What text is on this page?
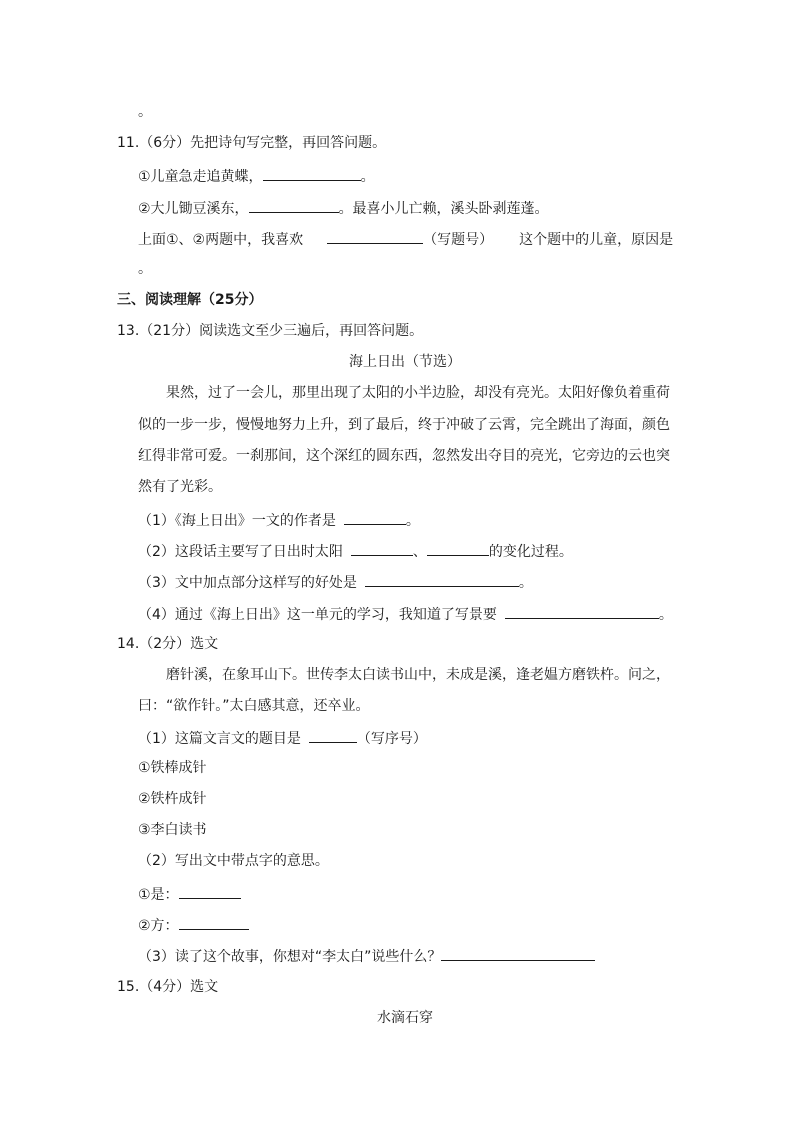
。
11.（6分）先把诗句写完整，再回答问题。
①儿童急走追黄蝶，	。
②大儿锄豆溪东，	。最喜小儿亡赖，溪头卧剥莲蓬。
上面①、②两题中，我喜欢	（写题号） 这个题中的儿童，原因是
。
三、阅读理解（25分）
13.（21分）阅读选文至少三遍后，再回答问题。
海上日出（节选）
果然，过了一会儿，那里出现了太阳的小半边脸，却没有亮光。太阳好像负着重荷
似的一步一步，慢慢地努力上升，到了最后，终于冲破了云霄，完全跳出了海面，颜色
红得非常可爱。一刹那间，这个深红的圆东西，忽然发出夺目的亮光，它旁边的云也突
然有了光彩。
（1）《海上日出》一文的作者是	。
（2）这段话主要写了日出时太阳	、	的变化过程。
（3）文中加点部分这样写的好处是	。
（4）通过《海上日出》这一单元的学习，我知道了写景要	。
14.（2分）选文
磨针溪，在象耳山下。世传李太白读书山中，未成是溪，逢老媪方磨铁杵。问之，
曰：“欲作针。”太白感其意，还卒业。
（1）这篇文言文的题目是	（写序号）
①铁棒成针
②铁杵成针
③李白读书
（2）写出文中带点字的意思。
①是：
②方：
（3）读了这个故事，你想对“李太白”说些什么？
15.（4分）选文
水滴石穿
